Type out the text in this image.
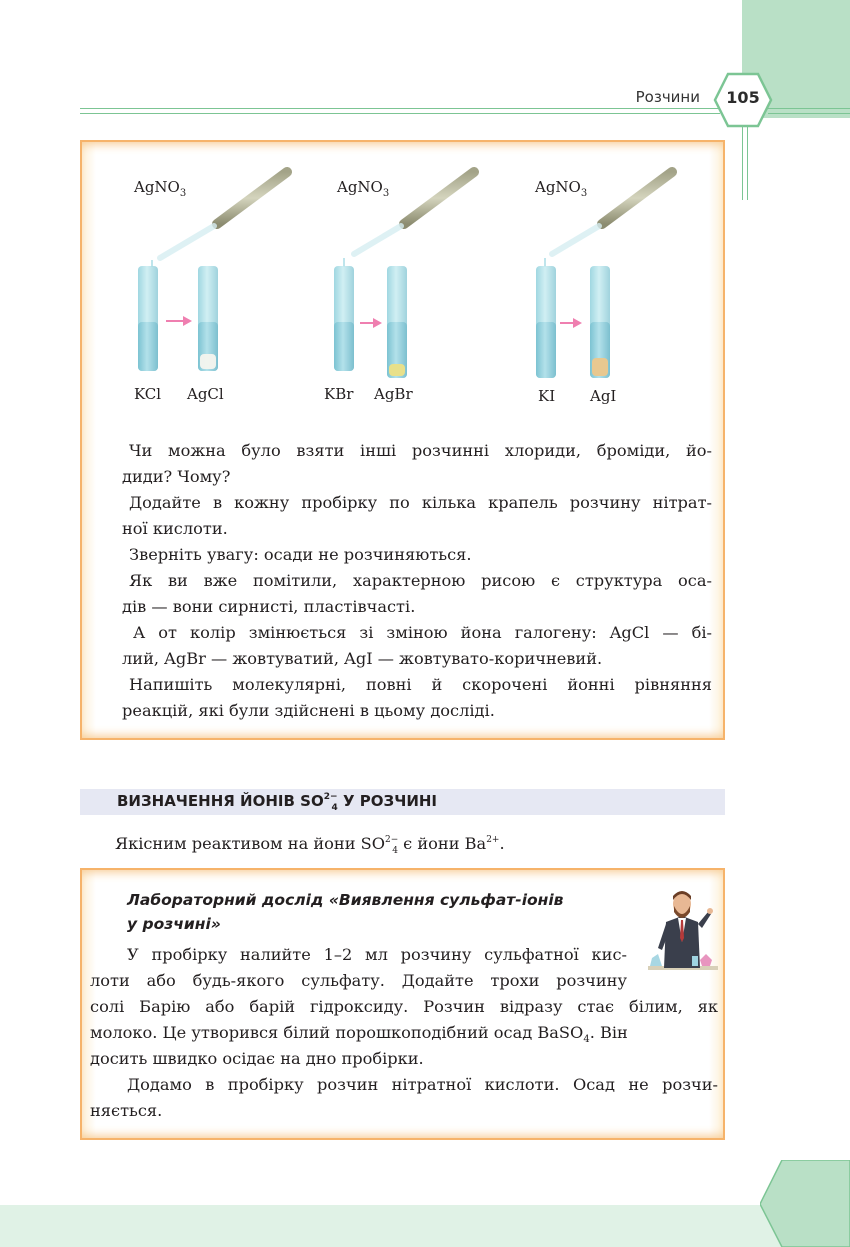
Розчини	105
AgNO$_3$	AgNO$_3$	AgNO$_3$
KCl AgCl	KBr AgBr	KI AgI

Чи можна було взяти інші розчинні хлориди, броміди, йо-
диди? Чому?

Додайте в кожну пробірку по кілька крапель розчину нітрат-
ної кислоти.

Зверніть увагу: осади не розчиняються.

Як ви вже помітили, характерною рисою є структура оса-
дів — вони сирнисті, пластівчасті.

А от колір змінюється зі зміною йона галогену: AgCl — бі-
лий, AgBr — жовтуватий, AgI — жовтувато-коричневий.

Напишіть молекулярні, повні й скорочені йонні рівняння
реакцій, які були здійснені в цьому досліді.

ВИЗНАЧЕННЯ ЙОНІВ $SO^{2-}_4$ У РОЗЧИНІ
Якісним реактивом на йони $SO^{2-}_4$ є йони $Ba^{2+}$.
Лабораторний дослід «Виявлення сульфат-іонів
у розчині»

У пробірку налийте 1–2 мл розчину сульфатної кис-

лоти або будь-якого сульфату. Додайте трохи розчину

солі Барію або барій гідроксиду. Розчин відразу стає білим, як

молоко. Це утворився білий порошкоподібний осад BaSO$_4$. Він

досить швидко осідає на дно пробірки.

Додамо в пробірку розчин нітратної кислоти. Осад не розчи-
няється.
